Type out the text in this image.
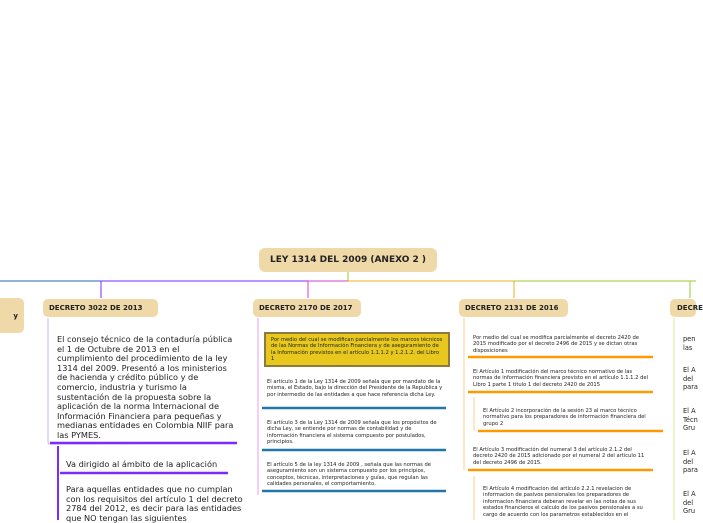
y
LEY 1314 DEL 2009 (ANEXO 2 )
DECRETO 3022 DE 2013
El consejo técnico de la contaduría pública el 1 de Octubre de 2013 en el cumplimiento del procedimiento de la ley 1314 del 2009. Presentó a los ministerios de hacienda y crédito público y de comercio, industria y turismo la sustentación de la propuesta sobre la aplicación de la norma Internacional de Información Financiera para pequeñas y medianas entidades en Colombia NIIF para las PYMES.
Va dirigido al ámbito de la aplicación
Para aquellas entidades que no cumplan con los requisitos del artículo 1 del decreto 2784 del 2012, es decir para las entidades que NO tengan las siguientes
DECRETO 2170 DE 2017
Por medio del cual se modifican parcialmente los marcos técnicos de las Normas de Información Financiera y de aseguramiento de la Información previstos en el artículo 1.1.1.2 y 1.2.1.2. del Libro 1
El artículo 1 de la Ley 1314 de 2009 señala que por mandato de la misma, el Estado, bajo la dirección del Presidente de la Republica y por intermedio de las entidades a que hace referencia dicha Ley.
El artículo 3 de la Ley 1314 de 2009 señala que los propósitos de dicha Ley, se entiende por normas de contabilidad y de información financiera el sistema compuesto por postulados, principios.
El artículo 5 de la ley 1314 de 2009 , señala que las normas de aseguramiento son un sistema compuesto por los principios, conceptos, técnicas, interpretaciones y guías, que regulan las calidades personales, el comportamiento.
DECRETO 2131 DE 2016
Por medio del cual se modifica parcialmente el decreto 2420 de 2015 modificado por el decreto 2496 de 2015 y se dictan otras disposiciones
El Artículo 1 modificación del marco técnico normativo de las normas de información financiera previsto en el artículo 1.1.1.2 del Libro 1 parte 1 titulo 1 del decreto 2420 de 2015
El Artículo 2 incorporación de la sesión 23 al marco técnico normativo para los preparadores de información financiera del grupo 2
El Artículo 3 modificación del numeral 3 del artículo 2.1.2 del decreto 2420 de 2015 adicionado por el numeral 2 del artículo 11 del decreto 2496 de 2015.
El Artículo 4 modificacion del artículo 2.2.1 revelacion de informacion de pasivos pensionales los preparadores de informacion financiera deberan revelar en las notas de sus estados financieros el calculo de los pasivos pensionales a su cargo de acuerdo con los parametros establecidos en el
DECRE
pen
las
El A
del
para
El A
Técn
Gru
El A
del
para
El A
del
Gru
